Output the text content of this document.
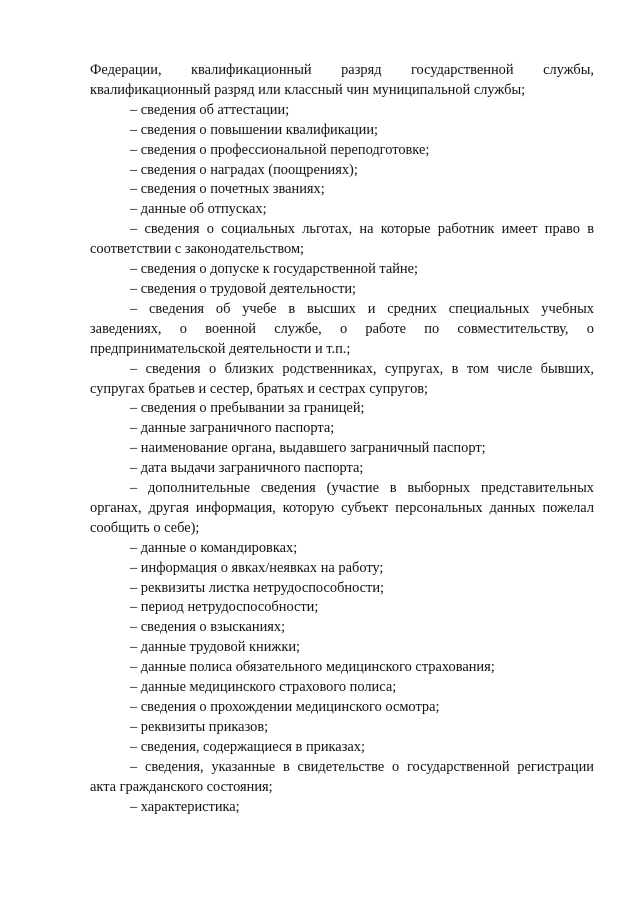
Федерации, квалификационный разряд государственной службы, квалификационный разряд или классный чин муниципальной службы;

– сведения об аттестации;

– сведения о повышении квалификации;

– сведения о профессиональной переподготовке;

– сведения о наградах (поощрениях);

– сведения о почетных званиях;

– данные об отпусках;

– сведения о социальных льготах, на которые работник имеет право в соответствии с законодательством;

– сведения о допуске к государственной тайне;

– сведения о трудовой деятельности;

– сведения об учебе в высших и средних специальных учебных заведениях, о военной службе, о работе по совместительству, о предпринимательской деятельности и т.п.;

– сведения о близких родственниках, супругах, в том числе бывших, супругах братьев и сестер, братьях и сестрах супругов;

– сведения о пребывании за границей;

– данные заграничного паспорта;

– наименование органа, выдавшего заграничный паспорт;

– дата выдачи заграничного паспорта;

– дополнительные сведения (участие в выборных представительных органах, другая информация, которую субъект персональных данных пожелал сообщить о себе);

– данные о командировках;

– информация о явках/неявках на работу;

– реквизиты листка нетрудоспособности;

– период нетрудоспособности;

– сведения о взысканиях;

– данные трудовой книжки;

– данные полиса обязательного медицинского страхования;

– данные медицинского страхового полиса;

– сведения о прохождении медицинского осмотра;

– реквизиты приказов;

– сведения, содержащиеся в приказах;

– сведения, указанные в свидетельстве о государственной регистрации акта гражданского состояния;

– характеристика;
